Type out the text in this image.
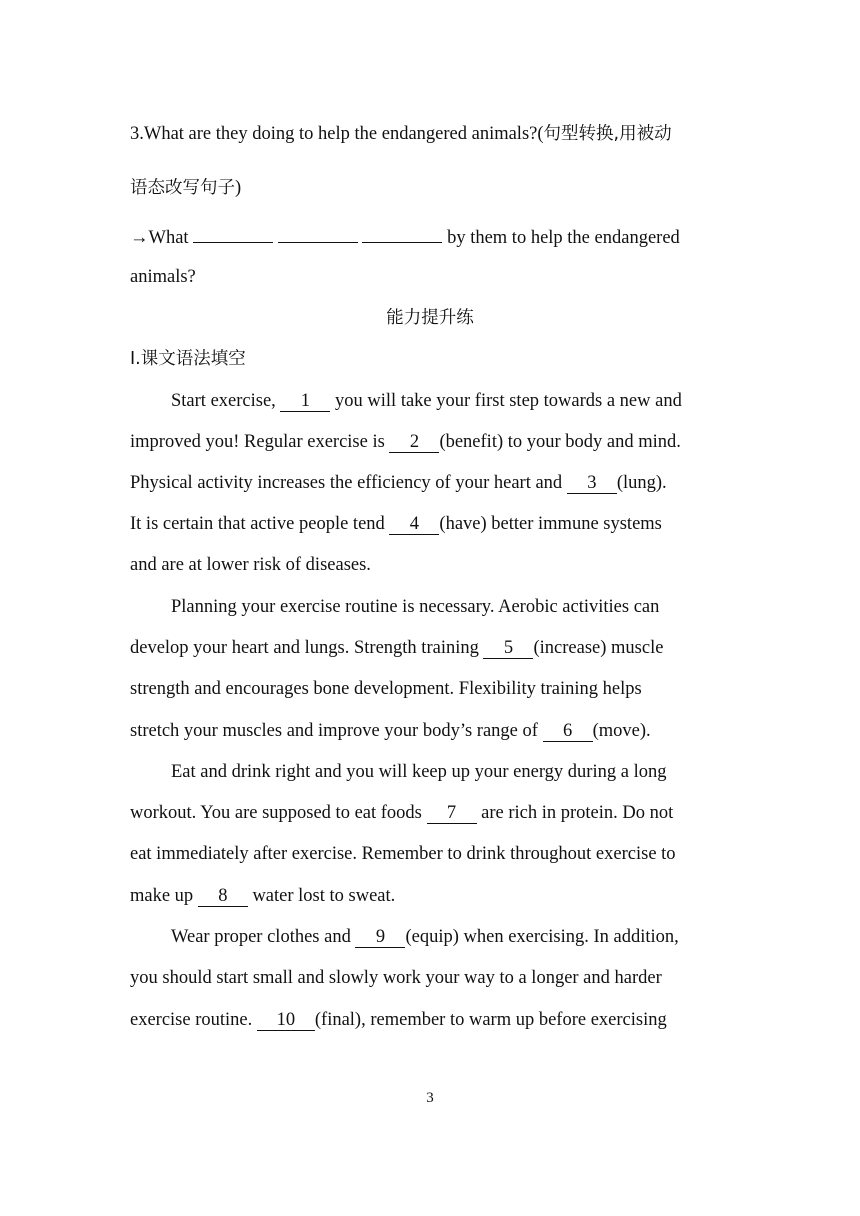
3.What are they doing to help the endangered animals?(句型转换,用被动
语态改写句子)
→What	by them to help the endangered
animals?
能力提升练
Ⅰ.课文语法填空
Start exercise, 1 you will take your first step towards a new and
improved you! Regular exercise is 2 (benefit) to your body and mind.
Physical activity increases the efficiency of your heart and 3 (lung).
It is certain that active people tend 4 (have) better immune systems
and are at lower risk of diseases.
Planning your exercise routine is necessary. Aerobic activities can
develop your heart and lungs. Strength training 5 (increase) muscle
strength and encourages bone development. Flexibility training helps
stretch your muscles and improve your body’s range of 6 (move).
Eat and drink right and you will keep up your energy during a long
workout. You are supposed to eat foods 7 are rich in protein. Do not
eat immediately after exercise. Remember to drink throughout exercise to
make up 8 water lost to sweat.
Wear proper clothes and 9 (equip) when exercising. In addition,
you should start small and slowly work your way to a longer and harder
exercise routine. 10 (final), remember to warm up before exercising
3
